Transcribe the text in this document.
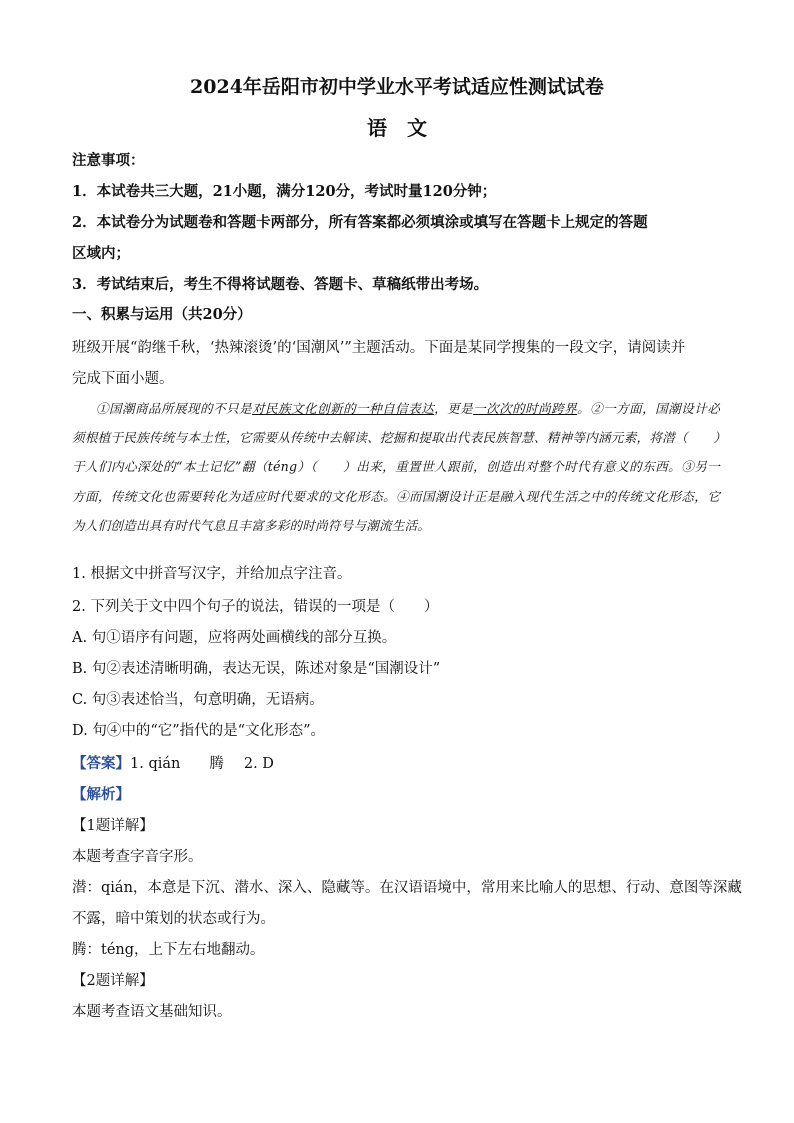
2024年岳阳市初中学业水平考试适应性测试试卷
语　文
注意事项：
1．本试卷共三大题，21小题，满分120分，考试时量120分钟；
2．本试卷分为试题卷和答题卡两部分，所有答案都必须填涂或填写在答题卡上规定的答题
区域内；
3．考试结束后，考生不得将试题卷、答题卡、草稿纸带出考场。
一、积累与运用（共20分）
班级开展“韵继千秋，‘热辣滚烫’的‘国潮风’”主题活动。下面是某同学搜集的一段文字，请阅读并
完成下面小题。
①国潮商品所展现的不只是对民族文化创新的一种自信表达，更是一次次的时尚跨界。②一方面，国潮设计必须根植于民族传统与本土性，它需要从传统中去解读、挖掘和提取出代表民族智慧、精神等内涵元素，将潜（　　）于人们内心深处的“本土记忆”翻（téng）（　　）出来，重置世人跟前，创造出对整个时代有意义的东西。③另一方面，传统文化也需要转化为适应时代要求的文化形态。④而国潮设计正是融入现代生活之中的传统文化形态，它为人们创造出具有时代气息且丰富多彩的时尚符号与潮流生活。
1. 根据文中拼音写汉字，并给加点字注音。
2. 下列关于文中四个句子的说法，错误的一项是（　　）
A. 句①语序有问题，应将两处画横线的部分互换。
B. 句②表述清晰明确，表达无误，陈述对象是“国潮设计”
C. 句③表述恰当，句意明确，无语病。
D. 句④中的“它”指代的是“文化形态”。
【答案】1. qián　　腾 2. D
【解析】
【1题详解】
本题考查字音字形。
潜：qián，本意是下沉、潜水、深入、隐藏等。在汉语语境中，常用来比喻人的思想、行动、意图等深藏
不露，暗中策划的状态或行为。
腾：téng，上下左右地翻动。
【2题详解】
本题考查语文基础知识。
